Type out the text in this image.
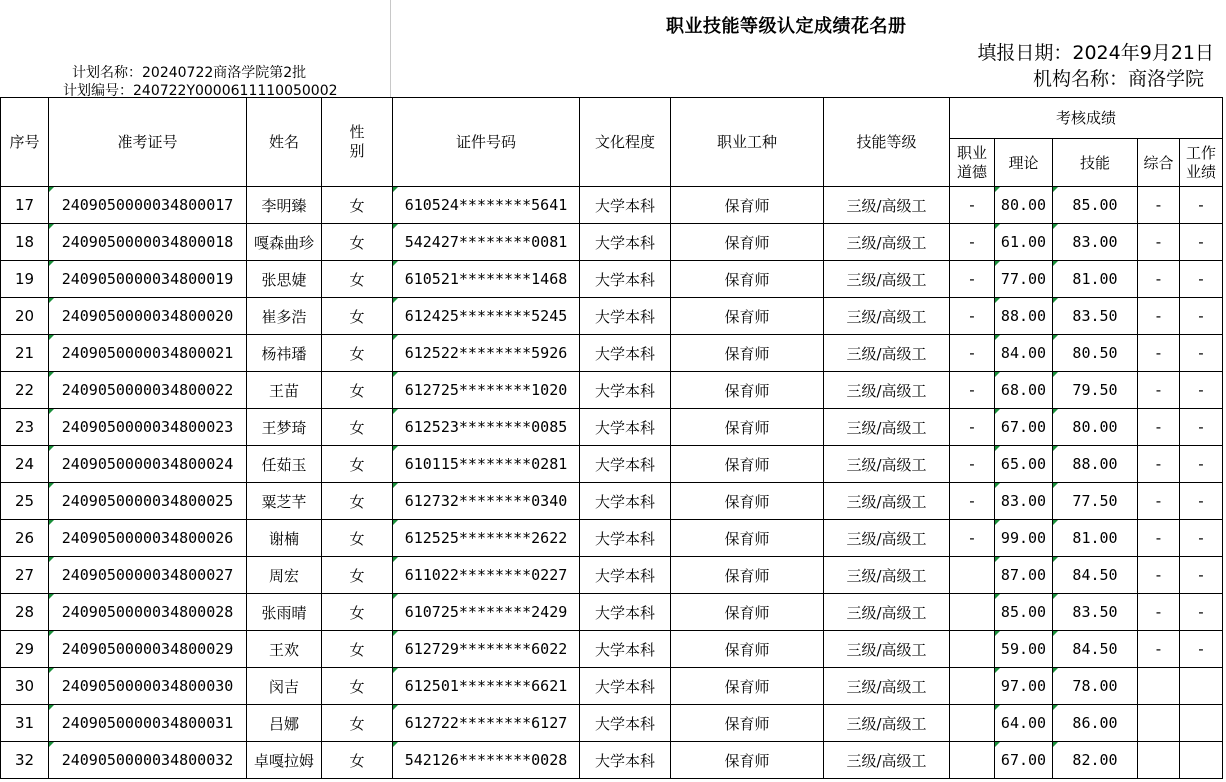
计划名称：20240722商洛学院第2批
计划编号：240722Y0000611110050002
职业技能等级认定成绩花名册
填报日期：2024年9月21日
机构名称：商洛学院
序号	准考证号	姓名	性别	证件号码	文化程度	职业工种	技能等级	考核成绩				

								职业道德	理论	技能	综合	工作业绩

17	2409050000034800017	李明臻	女	610524********5641	大学本科	保育师	三级/高级工	-	80.00	85.00	-	-
18	2409050000034800018	嘎森曲珍	女	542427********0081	大学本科	保育师	三级/高级工	-	61.00	83.00	-	-
19	2409050000034800019	张思婕	女	610521********1468	大学本科	保育师	三级/高级工	-	77.00	81.00	-	-
20	2409050000034800020	崔多浩	女	612425********5245	大学本科	保育师	三级/高级工	-	88.00	83.50	-	-
21	2409050000034800021	杨祎璠	女	612522********5926	大学本科	保育师	三级/高级工	-	84.00	80.50	-	-
22	2409050000034800022	王苗	女	612725********1020	大学本科	保育师	三级/高级工	-	68.00	79.50	-	-
23	2409050000034800023	王梦琦	女	612523********0085	大学本科	保育师	三级/高级工	-	67.00	80.00	-	-
24	2409050000034800024	任茹玉	女	610115********0281	大学本科	保育师	三级/高级工	-	65.00	88.00	-	-
25	2409050000034800025	粟芝芊	女	612732********0340	大学本科	保育师	三级/高级工	-	83.00	77.50	-	-
26	2409050000034800026	谢楠	女	612525********2622	大学本科	保育师	三级/高级工	-	99.00	81.00	-	-
27	2409050000034800027	周宏	女	611022********0227	大学本科	保育师	三级/高级工		87.00	84.50	-	-
28	2409050000034800028	张雨晴	女	610725********2429	大学本科	保育师	三级/高级工		85.00	83.50	-	-
29	2409050000034800029	王欢	女	612729********6022	大学本科	保育师	三级/高级工		59.00	84.50	-	-
30	2409050000034800030	闵吉	女	612501********6621	大学本科	保育师	三级/高级工		97.00	78.00		
31	2409050000034800031	吕娜	女	612722********6127	大学本科	保育师	三级/高级工		64.00	86.00		
32	2409050000034800032	卓嘎拉姆	女	542126********0028	大学本科	保育师	三级/高级工		67.00	82.00		
